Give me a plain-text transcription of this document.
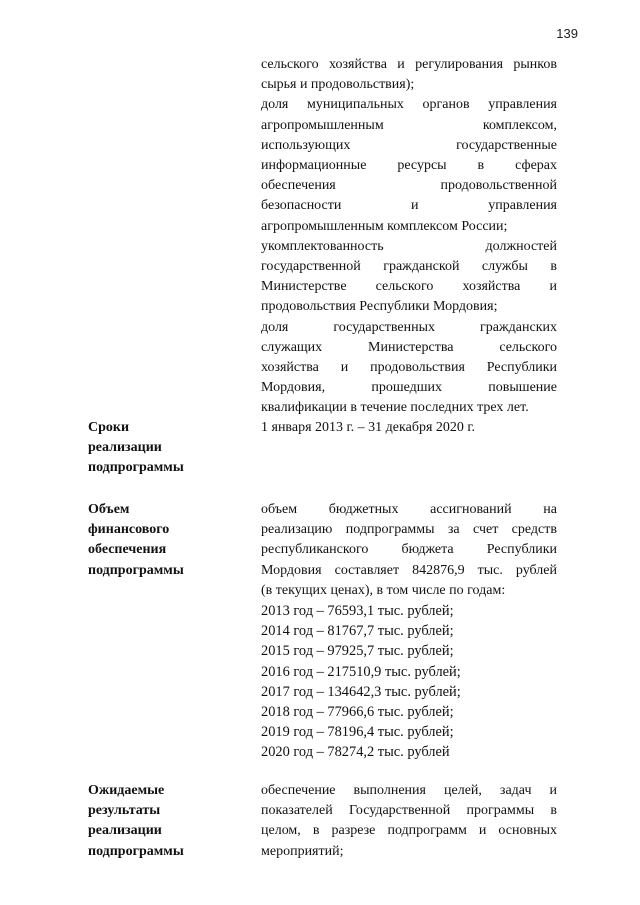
139
сельского хозяйства и регулирования рынков
сырья и продовольствия);
доля муниципальных органов управления
агропромышленным комплексом,
использующих государственные
информационные ресурсы в сферах
обеспечения продовольственной
безопасности и управления
агропромышленным комплексом России;
укомплектованность должностей
государственной гражданской службы в
Министерстве сельского хозяйства и
продовольствия Республики Мордовия;
доля государственных гражданских
служащих Министерства сельского
хозяйства и продовольствия Республики
Мордовия, прошедших повышение
квалификации в течение последних трех лет.
Сроки
реализации
подпрограммы
1 января 2013 г. – 31 декабря 2020 г.
Объем
финансового
обеспечения
подпрограммы
объем бюджетных ассигнований на
реализацию подпрограммы за счет средств
республиканского бюджета Республики
Мордовия составляет 842876,9 тыс. рублей
(в текущих ценах), в том числе по годам:
2013 год – 76593,1 тыс. рублей;
2014 год – 81767,7 тыс. рублей;
2015 год – 97925,7 тыс. рублей;
2016 год – 217510,9 тыс. рублей;
2017 год – 134642,3 тыс. рублей;
2018 год – 77966,6 тыс. рублей;
2019 год – 78196,4 тыс. рублей;
2020 год – 78274,2 тыс. рублей
Ожидаемые
результаты
реализации
подпрограммы
обеспечение выполнения целей, задач и
показателей Государственной программы в
целом, в разрезе подпрограмм и основных
мероприятий;
